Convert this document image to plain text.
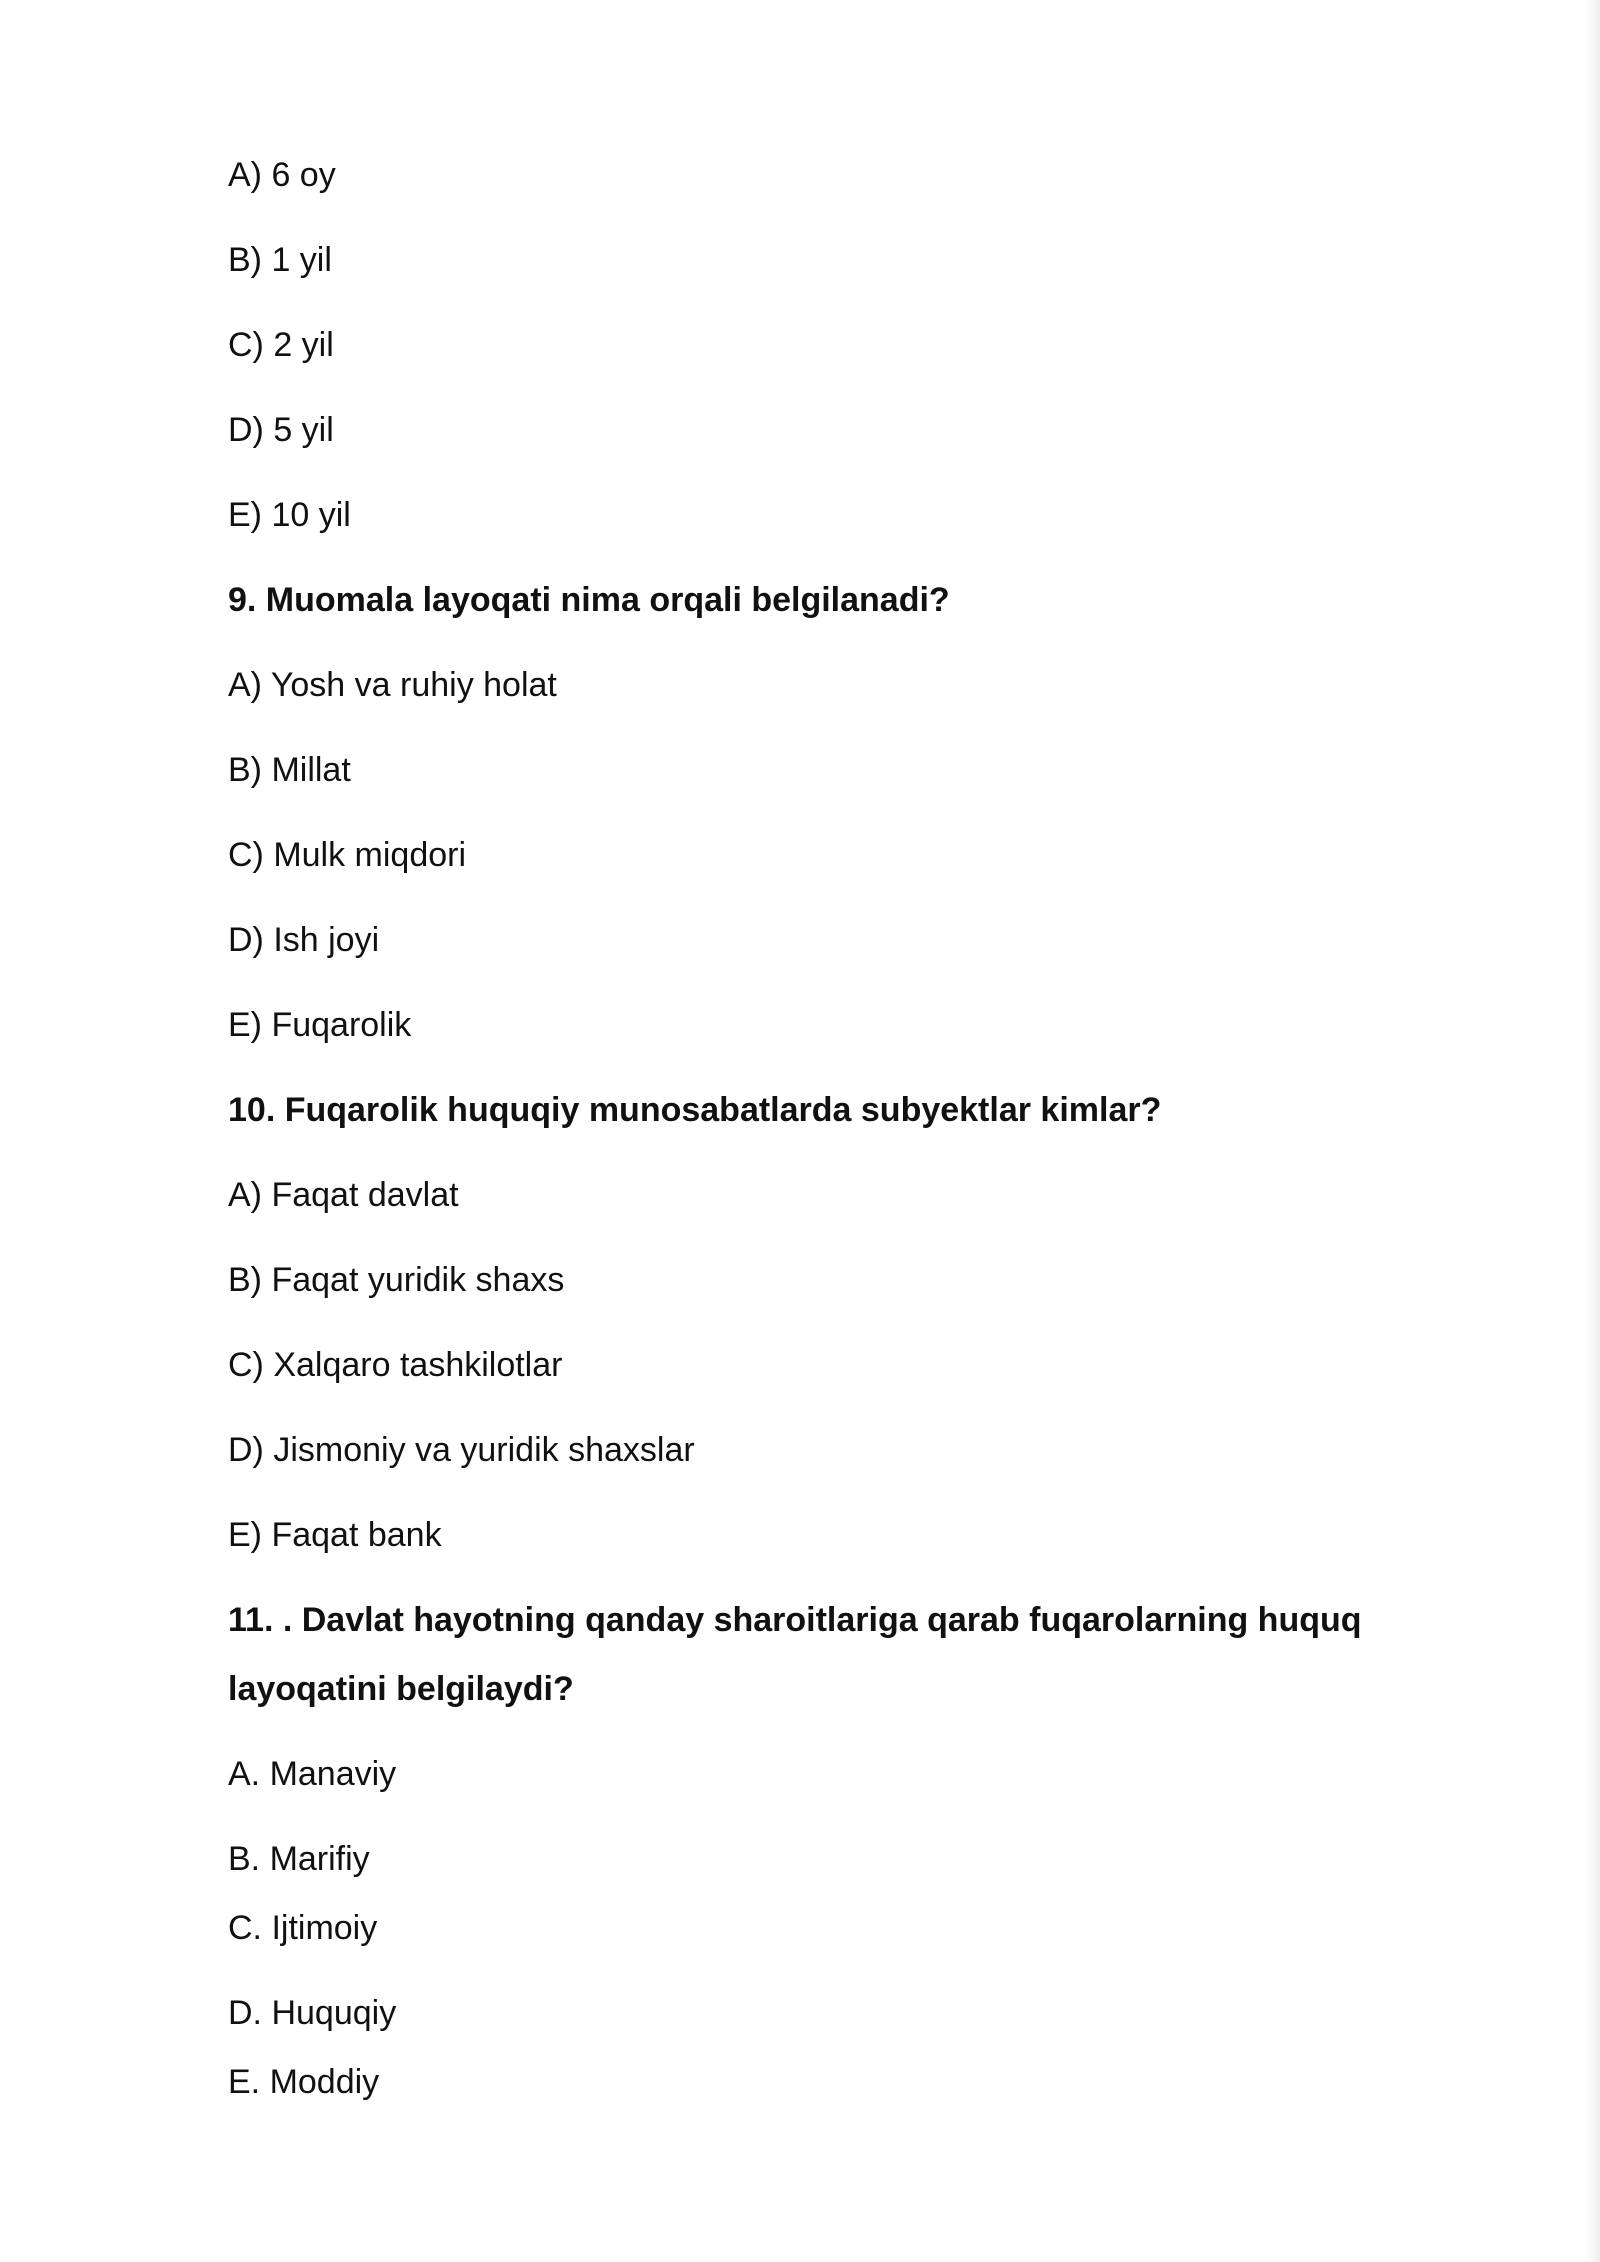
A) 6 oy
B) 1 yil
C) 2 yil
D) 5 yil
E) 10 yil
9. Muomala layoqati nima orqali belgilanadi?
A) Yosh va ruhiy holat
B) Millat
C) Mulk miqdori
D) Ish joyi
E) Fuqarolik
10. Fuqarolik huquqiy munosabatlarda subyektlar kimlar?
A) Faqat davlat
B) Faqat yuridik shaxs
C) Xalqaro tashkilotlar
D) Jismoniy va yuridik shaxslar
E) Faqat bank
11. . Davlat hayotning qanday sharoitlariga qarab fuqarolarning huquq
layoqatini belgilaydi?
A. Manaviy
B. Marifiy
C. Ijtimoiy
D. Huquqiy
E. Moddiy
